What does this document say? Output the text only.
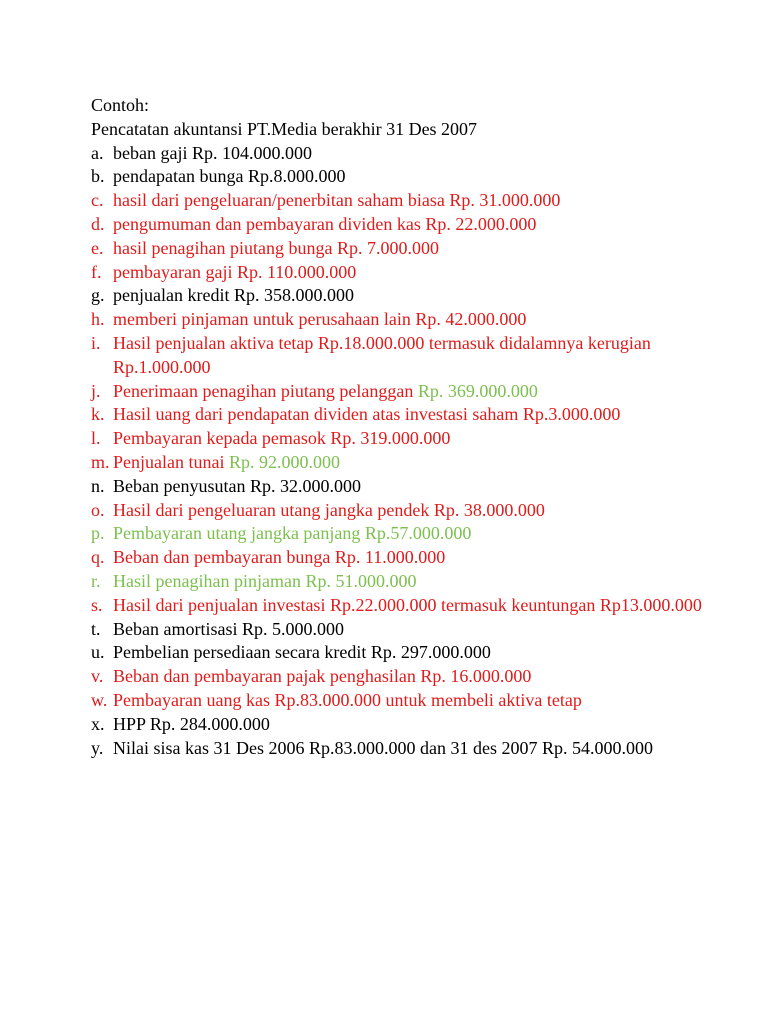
Contoh:
Pencatatan akuntansi PT.Media berakhir 31 Des 2007
a. beban gaji Rp. 104.000.000
b. pendapatan bunga Rp.8.000.000
c. hasil dari pengeluaran/penerbitan saham biasa Rp. 31.000.000
d. pengumuman dan pembayaran dividen kas Rp. 22.000.000
e. hasil penagihan piutang bunga Rp. 7.000.000
f. pembayaran gaji Rp. 110.000.000
g. penjualan kredit Rp. 358.000.000
h. memberi pinjaman untuk perusahaan lain Rp. 42.000.000
i. Hasil penjualan aktiva tetap Rp.18.000.000 termasuk didalamnya kerugian Rp.1.000.000
j. Penerimaan penagihan piutang pelanggan Rp. 369.000.000
k. Hasil uang dari pendapatan dividen atas investasi saham Rp.3.000.000
l. Pembayaran kepada pemasok Rp. 319.000.000
m. Penjualan tunai Rp. 92.000.000
n. Beban penyusutan Rp. 32.000.000
o. Hasil dari pengeluaran utang jangka pendek Rp. 38.000.000
p. Pembayaran utang jangka panjang Rp.57.000.000
q. Beban dan pembayaran bunga Rp. 11.000.000
r. Hasil penagihan pinjaman Rp. 51.000.000
s. Hasil dari penjualan investasi Rp.22.000.000 termasuk keuntungan Rp13.000.000
t. Beban amortisasi Rp. 5.000.000
u. Pembelian persediaan secara kredit Rp. 297.000.000
v. Beban dan pembayaran pajak penghasilan Rp. 16.000.000
w. Pembayaran uang kas Rp.83.000.000 untuk membeli aktiva tetap
x. HPP Rp. 284.000.000
y. Nilai sisa kas 31 Des 2006 Rp.83.000.000 dan 31 des 2007 Rp. 54.000.000
